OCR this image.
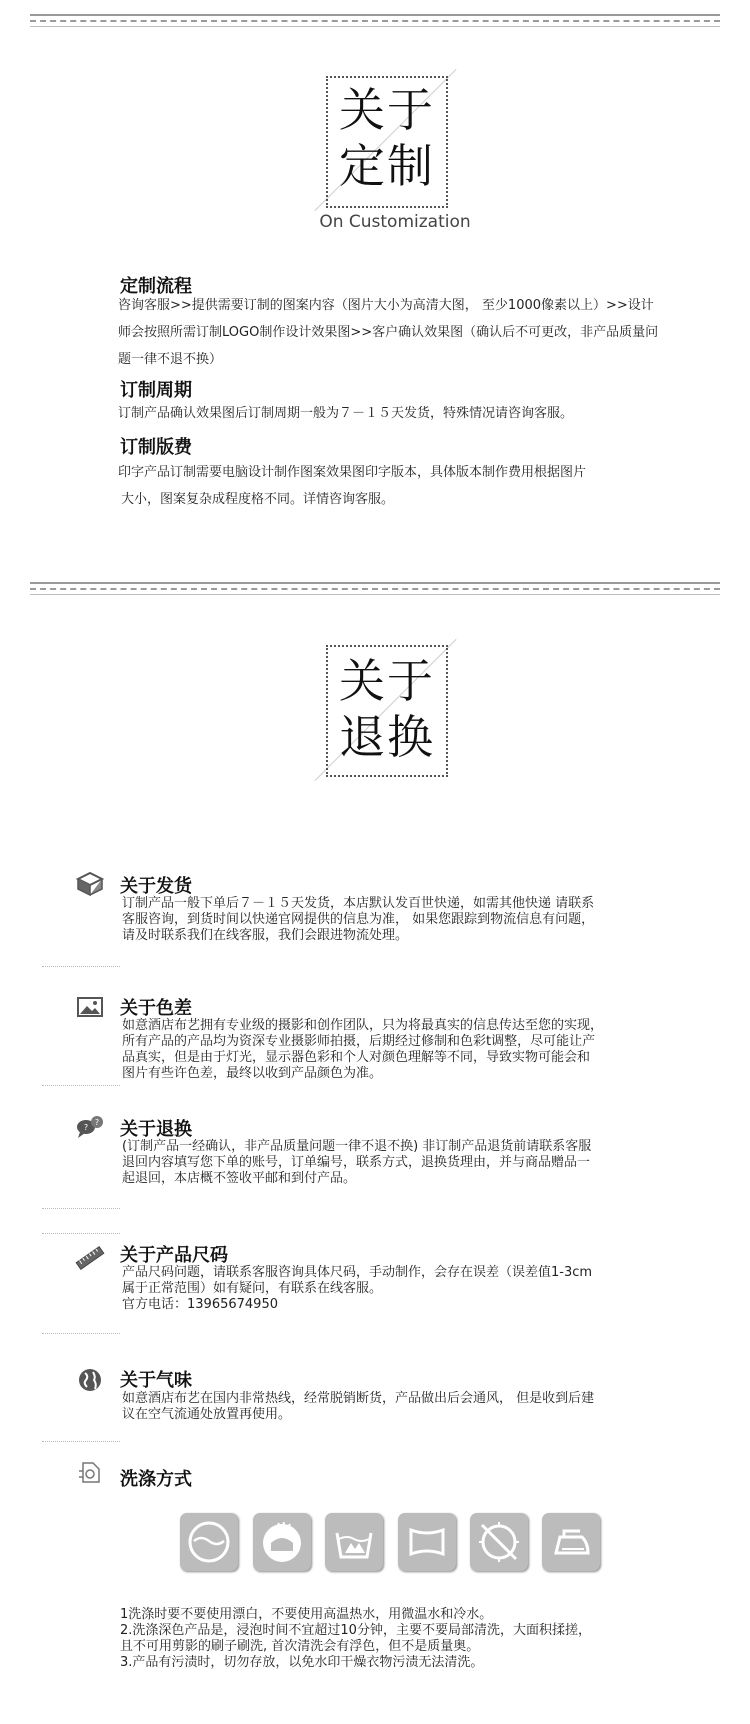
关于
定制
On Customization
定制流程
咨询客服>>提供需要订制的图案内容（图片大小为高清大图， 至少1000像素以上）>>设计师会按照所需订制LOGO制作设计效果图>>客户确认效果图（确认后不可更改，非产品质量问题一律不退不换）
订制周期
订制产品确认效果图后订制周期一般为７－１５天发货，特殊情况请咨询客服。
订制版费
印字产品订制需要电脑设计制作图案效果图印字版本，具体版本制作费用根据图片
大小，图案复杂成程度格不同。详情咨询客服。
关于
退换
关于发货
订制产品一般下单后７－１５天发货，本店默认发百世快递，如需其他快递 请联系
客服咨询，到货时间以快递官网提供的信息为准， 如果您跟踪到物流信息有问题，
请及时联系我们在线客服，我们会跟进物流处理。
关于色差
如意酒店布艺拥有专业级的摄影和创作团队，只为将最真实的信息传达至您的实现，
所有产品的产品均为资深专业摄影师拍摄，后期经过修制和色彩t调整，尽可能让产
品真实，但是由于灯光，显示器色彩和个人对颜色理解等不同，导致实物可能会和
图片有些许色差，最终以收到产品颜色为准。
?
? 关于退换
(订制产品一经确认，非产品质量问题一律不退不换) 非订制产品退货前请联系客服
退回内容填写您下单的账号，订单编号，联系方式，退换货理由，并与商品赠品一
起退回，本店概不签收平邮和到付产品。
关于产品尺码
产品尺码问题，请联系客服咨询具体尺码，手动制作，会存在误差（误差值1-3cm
属于正常范围）如有疑问，有联系在线客服。
官方电话：13965674950
关于气味
如意酒店布艺在国内非常热线，经常脱销断货，产品做出后会通风， 但是收到后建
议在空气流通处放置再使用。
洗涤方式
1洗涤时要不要使用漂白，不要使用高温热水，用微温水和冷水。
2.洗涤深色产品是，浸泡时间不宜超过10分钟，主要不要局部清洗，大面积揉搓，
且不可用剪影的刷子刷洗, 首次清洗会有浮色，但不是质量奥。
3.产品有污渍时，切勿存放，以免水印干燥衣物污渍无法清洗。
